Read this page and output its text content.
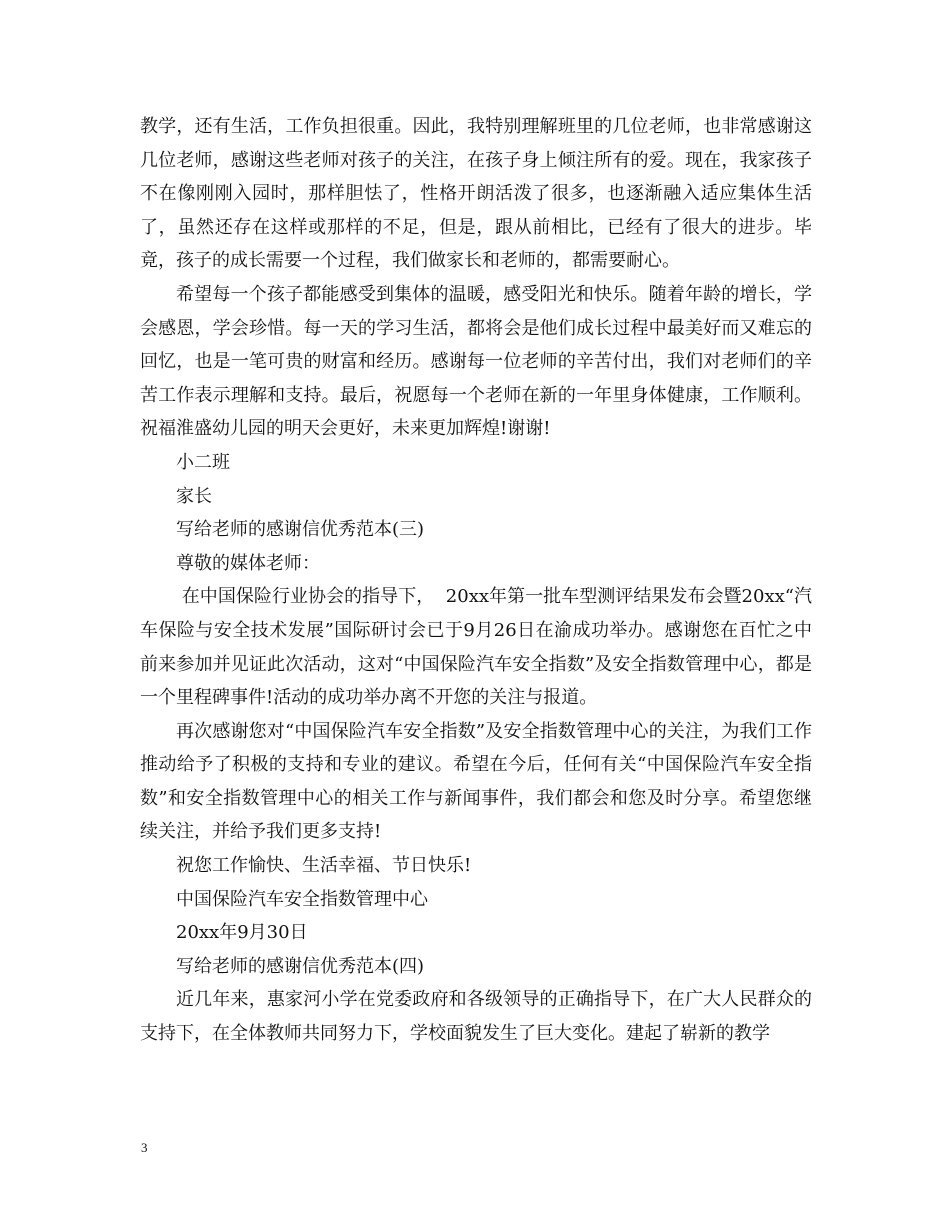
教学，还有生活，工作负担很重。因此，我特别理解班里的几位老师，也非常感谢这几位老师，感谢这些老师对孩子的关注，在孩子身上倾注所有的爱。现在，我家孩子不在像刚刚入园时，那样胆怯了，性格开朗活泼了很多，也逐渐融入适应集体生活了，虽然还存在这样或那样的不足，但是，跟从前相比，已经有了很大的进步。毕竟，孩子的成长需要一个过程，我们做家长和老师的，都需要耐心。

希望每一个孩子都能感受到集体的温暖，感受阳光和快乐。随着年龄的增长，学会感恩，学会珍惜。每一天的学习生活，都将会是他们成长过程中最美好而又难忘的回忆，也是一笔可贵的财富和经历。感谢每一位老师的辛苦付出，我们对老师们的辛苦工作表示理解和支持。最后，祝愿每一个老师在新的一年里身体健康，工作顺利。祝福淮盛幼儿园的明天会更好，未来更加辉煌!谢谢!

小二班

家长

写给老师的感谢信优秀范本(三)

尊敬的媒体老师：

在中国保险行业协会的指导下，  20xx年第一批车型测评结果发布会暨20xx“汽车保险与安全技术发展”国际研讨会已于9月26日在渝成功举办。感谢您在百忙之中前来参加并见证此次活动，这对“中国保险汽车安全指数”及安全指数管理中心，都是一个里程碑事件!活动的成功举办离不开您的关注与报道。

再次感谢您对“中国保险汽车安全指数”及安全指数管理中心的关注，为我们工作推动给予了积极的支持和专业的建议。希望在今后，任何有关“中国保险汽车安全指数”和安全指数管理中心的相关工作与新闻事件，我们都会和您及时分享。希望您继续关注，并给予我们更多支持!

祝您工作愉快、生活幸福、节日快乐!

中国保险汽车安全指数管理中心

20xx年9月30日

写给老师的感谢信优秀范本(四)

近几年来，惠家河小学在党委政府和各级领导的正确指导下，在广大人民群众的支持下，在全体教师共同努力下，学校面貌发生了巨大变化。建起了崭新的教学

3
